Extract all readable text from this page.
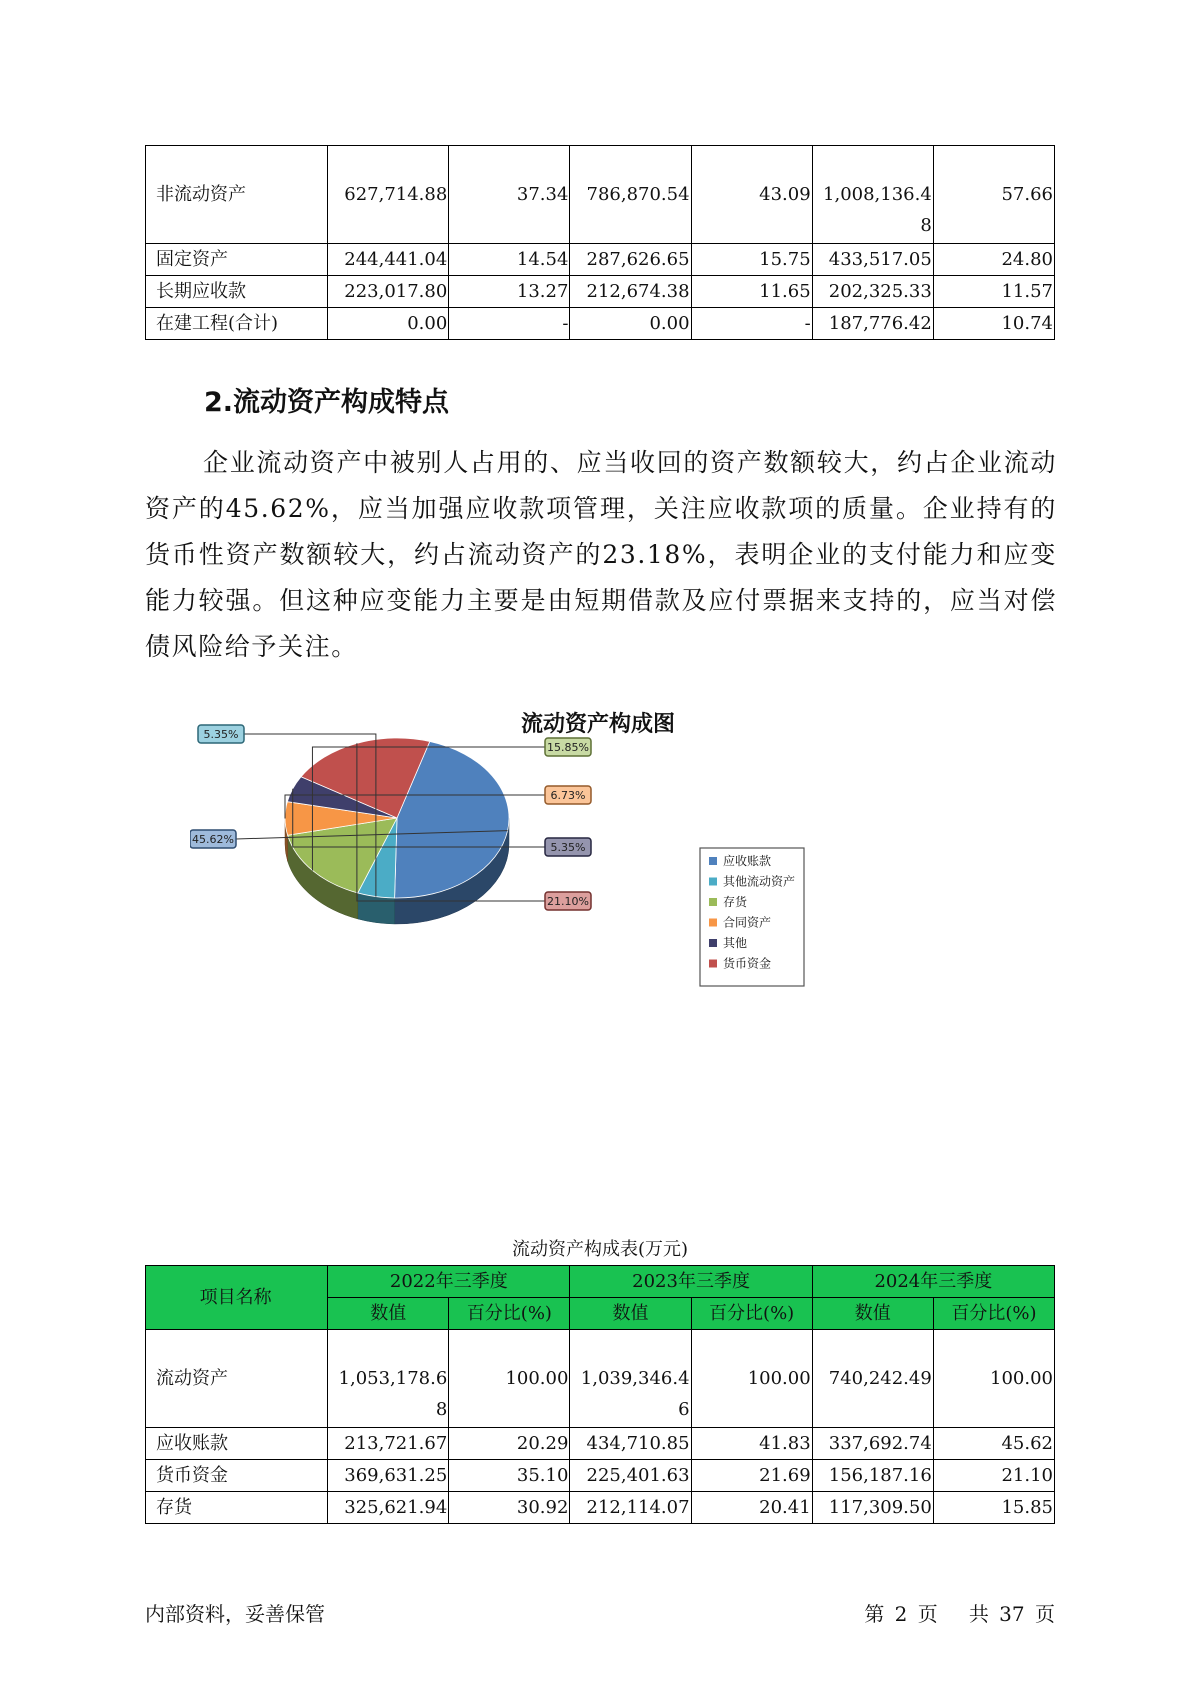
非流动资产	627,714.88	37.34	786,870.54	43.09	1,008,136.48	57.66
固定资产	244,441.04	14.54	287,626.65	15.75	433,517.05	24.80
长期应收款	223,017.80	13.27	212,674.38	11.65	202,325.33	11.57
在建工程(合计)	0.00	-	0.00	-	187,776.42	10.74
2.流动资产构成特点

企业流动资产中被别人占用的、应当收回的资产数额较大，约占企业流动资产的45.62%，应当加强应收款项管理，关注应收款项的质量。企业持有的货币性资产数额较大，约占流动资产的23.18%，表明企业的支付能力和应变能力较强。但这种应变能力主要是由短期借款及应付票据来支持的，应当对偿债风险给予关注。

流动资产构成图
45.62%
5.35%
15.85%
6.73%
5.35%
21.10%
应收账款
其他流动资产
存货
合同资产
其他
货币资金
流动资产构成表(万元)
项目名称	2022年三季度		2023年三季度		2024年三季度	
	数值	百分比(%)	数值	百分比(%)	数值	百分比(%)
流动资产	1,053,178.68	100.00	1,039,346.46	100.00	740,242.49	100.00
应收账款	213,721.67	20.29	434,710.85	41.83	337,692.74	45.62
货币资金	369,631.25	35.10	225,401.63	21.69	156,187.16	21.10
存货	325,621.94	30.92	212,114.07	20.41	117,309.50	15.85
内部资料，妥善保管	第 2 页   共 37 页
